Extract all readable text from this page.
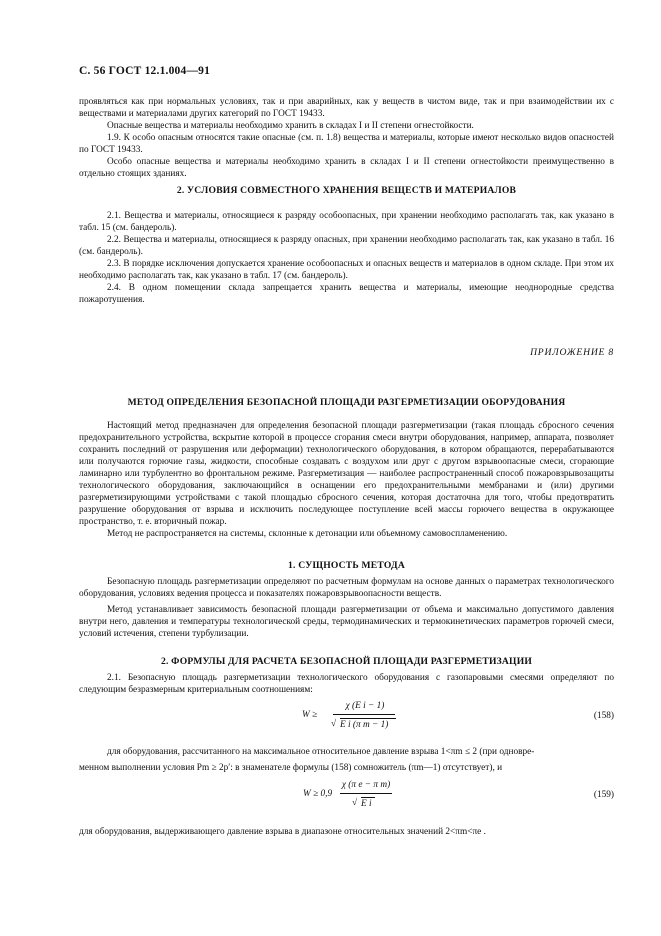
С. 56 ГОСТ 12.1.004—91

проявляться как при нормальных условиях, так и при аварийных, как у веществ в чистом виде, так и при взаимодействии их с веществами и материалами других категорий по ГОСТ 19433.

Опасные вещества и материалы необходимо хранить в складах I и II степени огнестойкости.

1.9. К особо опасным относятся такие опасные (см. п. 1.8) вещества и материалы, которые имеют несколько видов опасностей по ГОСТ 19433.

Особо опасные вещества и материалы необходимо хранить в складах I и II степени огнестойкости преимущественно в отдельно стоящих зданиях.

2. УСЛОВИЯ СОВМЕСТНОГО ХРАНЕНИЯ ВЕЩЕСТВ И МАТЕРИАЛОВ

2.1. Вещества и материалы, относящиеся к разряду особоопасных, при хранении необходимо располагать так, как указано в табл. 15 (см. бандероль).

2.2. Вещества и материалы, относящиеся к разряду опасных, при хранении необходимо располагать так, как указано в табл. 16 (см. бандероль).

2.3. В порядке исключения допускается хранение особоопасных и опасных веществ и материалов в одном складе. При этом их необходимо располагать так, как указано в табл. 17 (см. бандероль).

2.4. В одном помещении склада запрещается хранить вещества и материалы, имеющие неоднородные средства пожаротушения.

ПРИЛОЖЕНИЕ 8
МЕТОД ОПРЕДЕЛЕНИЯ БЕЗОПАСНОЙ ПЛОЩАДИ РАЗГЕРМЕТИЗАЦИИ ОБОРУДОВАНИЯ

Настоящий метод предназначен для определения безопасной площади разгерметизации (такая площадь сбросного сечения предохранительного устройства, вскрытие которой в процессе сгорания смеси внутри оборудования, например, аппарата, позволяет сохранить последний от разрушения или деформации) технологического оборудования, в котором обращаются, перерабатываются или получаются горючие газы, жидкости, способные создавать с воздухом или друг с другом взрывоопасные смеси, сгорающие ламинарно или турбулентно во фронтальном режиме. Разгерметизация — наиболее распространенный способ пожаровзрывозащиты технологического оборудования, заключающийся в оснащении его предохранительными мембранами и (или) другими разгерметизирующими устройствами с такой площадью сбросного сечения, которая достаточна для того, чтобы предотвратить разрушение оборудования от взрыва и исключить последующее поступление всей массы горючего вещества в окружающее пространство, т. е. вторичный пожар.

Метод не распространяется на системы, склонные к детонации или объемному самовоспламенению.

1. СУЩНОСТЬ МЕТОДА

Безопасную площадь разгерметизации определяют по расчетным формулам на основе данных о параметрах технологического оборудования, условиях ведения процесса и показателях пожаровзрывоопасности веществ.

Метод устанавливает зависимость безопасной площади разгерметизации от объема и максимально допустимого давления внутри него, давления и температуры технологической среды, термодинамических и термокинетических параметров горючей смеси, условий истечения, степени турбулизации.

2. ФОРМУЛЫ ДЛЯ РАСЧЕТА БЕЗОПАСНОЙ ПЛОЩАДИ РАЗГЕРМЕТИЗАЦИИ

2.1. Безопасную площадь разгерметизации технологического оборудования с газопаровыми смесями определяют по следующим безразмерным критериальным соотношениям:

W ≥
χ (E i − 1)
√ E i (π m − 1)
(158)

для оборудования, рассчитанного на максимальное относительное давление взрыва 1<πm ≤ 2 (при одновре-

менном выполнении условия Pm ≥ 2p′: в знаменателе формулы (158) сомножитель (πm—1) отсутствует), и

W ≥ 0,9
χ (π e − π m)
√ E i
(159)

для оборудования, выдерживающего давление взрыва в диапазоне относительных значений 2<πm<πe .
